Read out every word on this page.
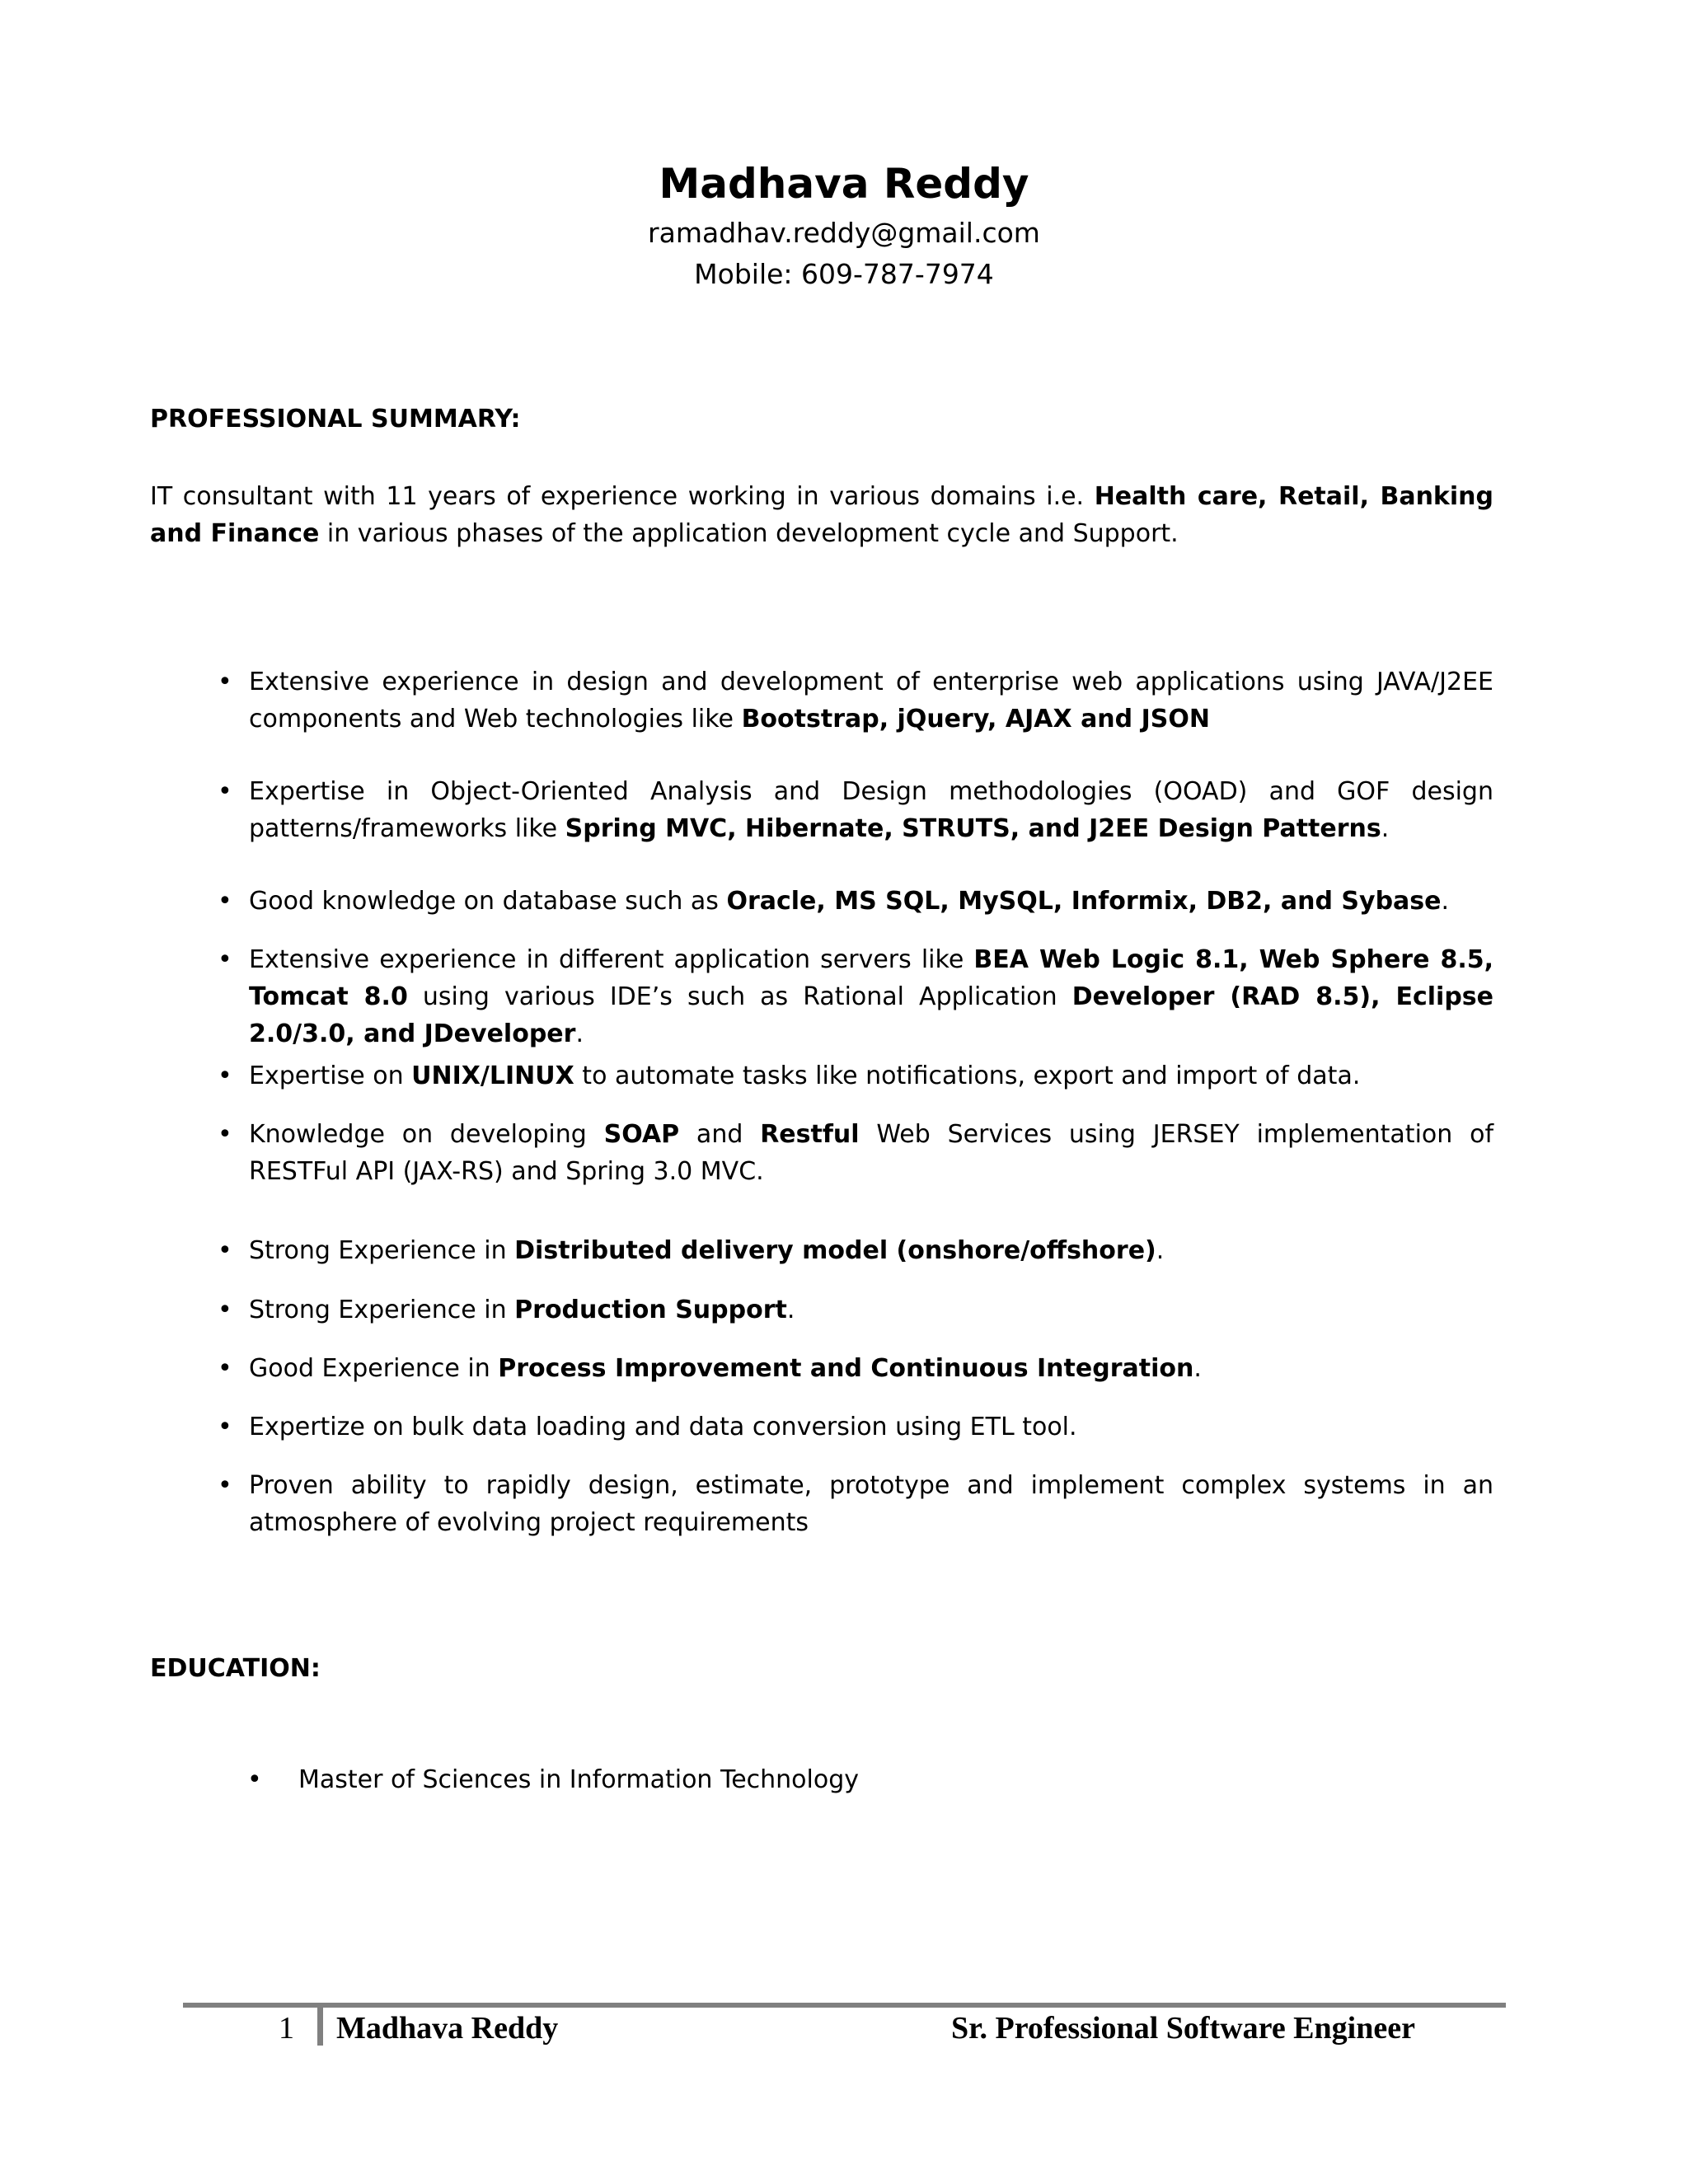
Madhava Reddy
ramadhav.reddy@gmail.com
Mobile: 609-787-7974
PROFESSIONAL SUMMARY:

IT consultant with 11 years of experience working in various domains i.e. Health care, Retail, Banking and Finance in various phases of the application development cycle and Support.

• Extensive experience in design and development of enterprise web applications using JAVA/J2EE components and Web technologies like Bootstrap, jQuery, AJAX and JSON
• Expertise in Object-Oriented Analysis and Design methodologies (OOAD) and GOF design patterns/frameworks like Spring MVC, Hibernate, STRUTS, and J2EE Design Patterns.
• Good knowledge on database such as Oracle, MS SQL, MySQL, Informix, DB2, and Sybase.
• Extensive experience in different application servers like BEA Web Logic 8.1, Web Sphere 8.5, Tomcat 8.0 using various IDE’s such as Rational Application Developer (RAD 8.5), Eclipse 2.0/3.0, and JDeveloper.
• Expertise on UNIX/LINUX to automate tasks like notifications, export and import of data.
• Knowledge on developing SOAP and Restful Web Services using JERSEY implementation of RESTFul API (JAX-RS) and Spring 3.0 MVC.
• Strong Experience in Distributed delivery model (onshore/offshore).
• Strong Experience in Production Support.
• Good Experience in Process Improvement and Continuous Integration.
• Expertize on bulk data loading and data conversion using ETL tool.
• Proven ability to rapidly design, estimate, prototype and implement complex systems in an atmosphere of evolving project requirements
EDUCATION:
• Master of Sciences in Information Technology
1 Madhava Reddy	Sr. Professional Software Engineer
